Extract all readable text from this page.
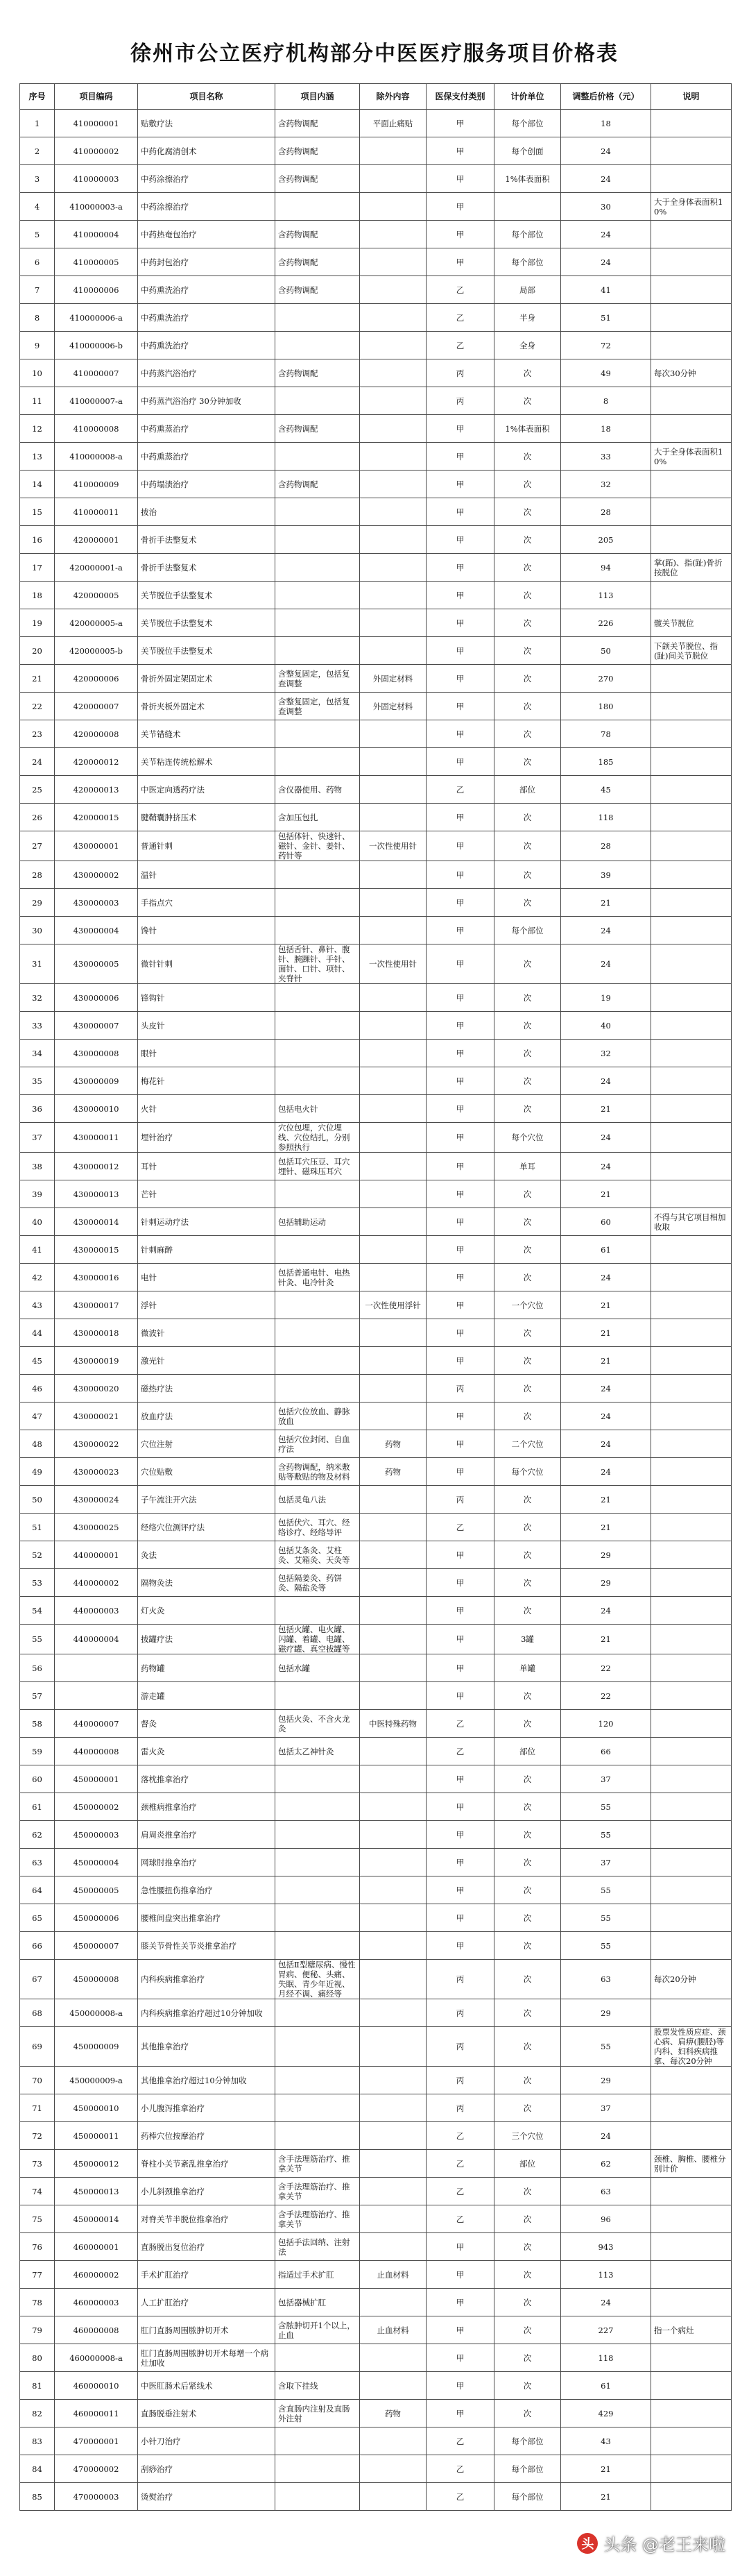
徐州市公立医疗机构部分中医医疗服务项目价格表
序号	项目编码	项目名称	项目内涵	除外内容	医保支付类别	计价单位	调整后价格（元）	说明
1	410000001	贴敷疗法	含药物调配	平面止痛贴	甲	每个部位	18	
2	410000002	中药化腐清创术	含药物调配		甲	每个创面	24	
3	410000003	中药涂擦治疗	含药物调配		甲	1%体表面积	24	
4	410000003-a	中药涂擦治疗			甲		30	大于全身体表面积10%
5	410000004	中药热奄包治疗	含药物调配		甲	每个部位	24	
6	410000005	中药封包治疗	含药物调配		甲	每个部位	24	
7	410000006	中药熏洗治疗	含药物调配		乙	局部	41	
8	410000006-a	中药熏洗治疗			乙	半身	51	
9	410000006-b	中药熏洗治疗			乙	全身	72	
10	410000007	中药蒸汽浴治疗	含药物调配		丙	次	49	每次30分钟
11	410000007-a	中药蒸汽浴治疗 30分钟加收			丙	次	8	
12	410000008	中药熏蒸治疗	含药物调配		甲	1%体表面积	18	
13	410000008-a	中药熏蒸治疗			甲	次	33	大于全身体表面积10%
14	410000009	中药塌渍治疗	含药物调配		甲	次	32	
15	410000011	拔治			甲	次	28	
16	420000001	骨折手法整复术			甲	次	205	
17	420000001-a	骨折手法整复术			甲	次	94	掌(跖)、指(趾)骨折按脱位
18	420000005	关节脱位手法整复术			甲	次	113	
19	420000005-a	关节脱位手法整复术			甲	次	226	髋关节脱位
20	420000005-b	关节脱位手法整复术			甲	次	50	下颌关节脱位、指(趾)间关节脱位
21	420000006	骨折外固定架固定术	含整复固定，包括复查调整	外固定材料	甲	次	270	
22	420000007	骨折夹板外固定术	含整复固定，包括复查调整	外固定材料	甲	次	180	
23	420000008	关节错缝术			甲	次	78	
24	420000012	关节粘连传统松解术			甲	次	185	
25	420000013	中医定向透药疗法	含仪器使用、药物		乙	部位	45	
26	420000015	腱鞘囊肿挤压术	含加压包扎		甲	次	118	
27	430000001	普通针刺	包括体针、快速针、磁针、金针、姜针、药针等	一次性使用针	甲	次	28	
28	430000002	温针			甲	次	39	
29	430000003	手指点穴			甲	次	21	
30	430000004	馋针			甲	每个部位	24	
31	430000005	微针针刺	包括舌针、鼻针、腹针、腕踝针、手针、面针、口针、项针、夹脊针	一次性使用针	甲	次	24	
32	430000006	锋钩针			甲	次	19	
33	430000007	头皮针			甲	次	40	
34	430000008	眼针			甲	次	32	
35	430000009	梅花针			甲	次	24	
36	430000010	火针	包括电火针		甲	次	21	
37	430000011	埋针治疗	穴位包埋，穴位埋线、穴位结扎，分别参照执行		甲	每个穴位	24	
38	430000012	耳针	包括耳穴压豆、耳穴埋针、磁珠压耳穴		甲	单耳	24	
39	430000013	芒针			甲	次	21	
40	430000014	针刺运动疗法	包括辅助运动		甲	次	60	不得与其它项目相加收取
41	430000015	针刺麻醉			甲	次	61	
42	430000016	电针	包括普通电针、电热针灸、电冷针灸		甲	次	24	
43	430000017	浮针		一次性使用浮针	甲	一个穴位	21	
44	430000018	微波针			甲	次	21	
45	430000019	激光针			甲	次	21	
46	430000020	磁热疗法			丙	次	24	
47	430000021	放血疗法	包括穴位放血、静脉放血		甲	次	24	
48	430000022	穴位注射	包括穴位封闭、自血疗法	药物	甲	二个穴位	24	
49	430000023	穴位贴敷	含药物调配，纳米敷贴等敷贴的物及材料	药物	甲	每个穴位	24	
50	430000024	子午流注开穴法	包括灵龟八法		丙	次	21	
51	430000025	经络穴位测评疗法	包括伏穴、耳穴、经络诊疗、经络导评		乙	次	21	
52	440000001	灸法	包括艾条灸、艾柱灸、艾箱灸、天灸等		甲	次	29	
53	440000002	隔物灸法	包括隔姜灸、药饼灸、隔盐灸等		甲	次	29	
54	440000003	灯火灸			甲	次	24	
55	440000004	拔罐疗法	包括火罐、电火罐、闪罐、着罐、电罐、磁疗罐、真空拔罐等		甲	3罐	21	
56		药物罐	包括水罐		甲	单罐	22	
57		游走罐			甲	次	22	
58	440000007	督灸	包括火灸、不含火龙灸	中医特殊药物	乙	次	120	
59	440000008	雷火灸	包括太乙神针灸		乙	部位	66	
60	450000001	落枕推拿治疗			甲	次	37	
61	450000002	颈椎病推拿治疗			甲	次	55	
62	450000003	肩周炎推拿治疗			甲	次	55	
63	450000004	网球肘推拿治疗			甲	次	37	
64	450000005	急性腰扭伤推拿治疗			甲	次	55	
65	450000006	腰椎间盘突出推拿治疗			甲	次	55	
66	450000007	膝关节骨性关节炎推拿治疗			甲	次	55	
67	450000008	内科疾病推拿治疗	包括Ⅱ型糖尿病、慢性胃病、便秘、头痛、失眠、青少年近视、月经不调、痛经等		丙	次	63	每次20分钟
68	450000008-a	内科疾病推拿治疗超过10分钟加收			丙	次	29	
69	450000009	其他推拿治疗			丙	次	55	股票发性质应症、颈心病、肩痹(腰胫)等内科、妇科疾病推拿、每次20分钟
70	450000009-a	其他推拿治疗超过10分钟加收			丙	次	29	
71	450000010	小儿腹泻推拿治疗			丙	次	37	
72	450000011	药棒穴位按摩治疗			乙	三个穴位	24	
73	450000012	脊柱小关节紊乱推拿治疗	含手法理筋治疗、推拿关节		乙	部位	62	颈椎、胸椎、腰椎分别计价
74	450000013	小儿斜颈推拿治疗	含手法理筋治疗、推拿关节		乙	次	63	
75	450000014	对脊关节半脱位推拿治疗	含手法理筋治疗、推拿关节		乙	次	96	
76	460000001	直肠脱出复位治疗	包括手法回纳、注射法		甲	次	943	
77	460000002	手术扩肛治疗	指适过手术扩肛	止血材料	甲	次	113	
78	460000003	人工扩肛治疗	包括器械扩肛		甲	次	24	
79	460000008	肛门直肠周围脓肿切开术	含脓肿切开1个以上，止血	止血材料	甲	次	227	指一个病灶
80	460000008-a	肛门直肠周围脓肿切开术每增一个病灶加收			甲	次	118	
81	460000010	中医肛肠术后紧线术	含取下挂线		甲	次	61	
82	460000011	直肠脱垂注射术	含直肠内注射及直肠外注射	药物	甲	次	429	
83	470000001	小针刀治疗			乙	每个部位	43	
84	470000002	刮痧治疗			乙	每个部位	21	
85	470000003	烫熨治疗			乙	每个部位	21	
头 头条 @老王来啦
